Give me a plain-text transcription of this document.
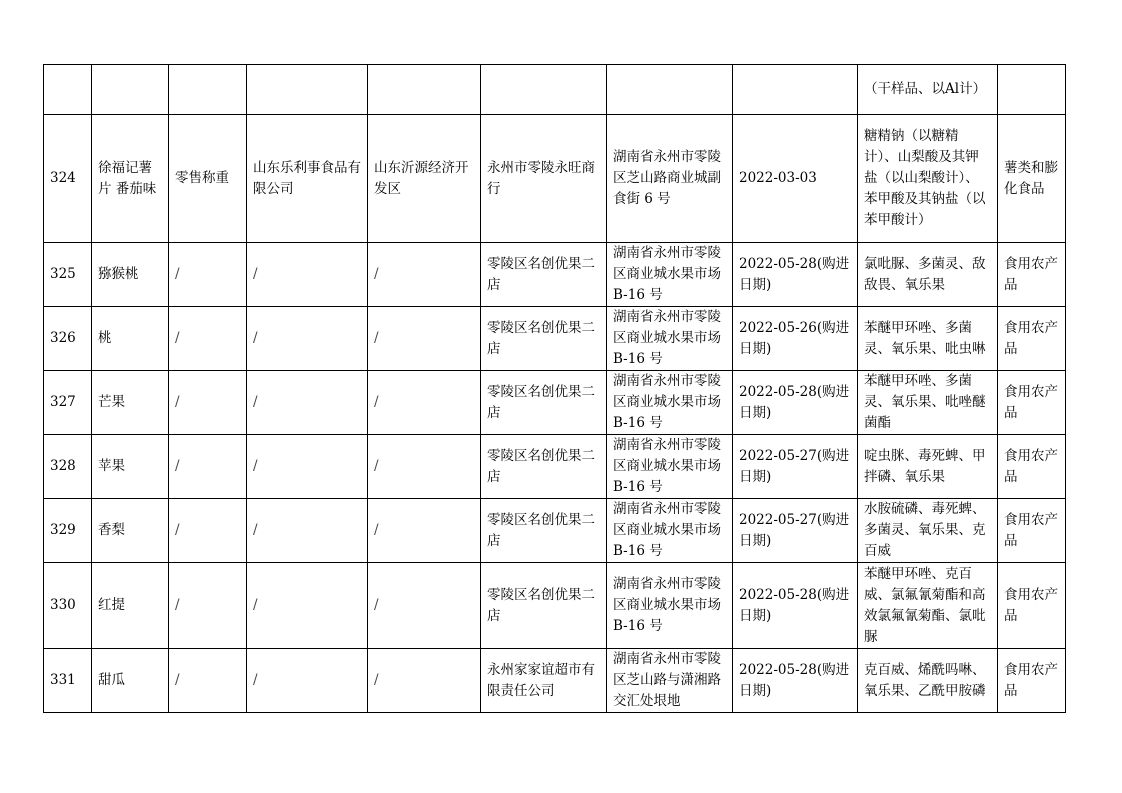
								（干样品、以Al计）	
324	徐福记薯片 番茄味	零售称重	山东乐利事食品有限公司	山东沂源经济开发区	永州市零陵永旺商行	湖南省永州市零陵区芝山路商业城副食街 6 号	2022-03-03	糖精钠（以糖精计）、山梨酸及其钾盐（以山梨酸计）、苯甲酸及其钠盐（以苯甲酸计）	薯类和膨化食品
325	猕猴桃	/	/	/	零陵区名创优果二店	湖南省永州市零陵区商业城水果市场 B-16 号	2022-05-28(购进日期)	氯吡脲、多菌灵、敌敌畏、氧乐果	食用农产品
326	桃	/	/	/	零陵区名创优果二店	湖南省永州市零陵区商业城水果市场 B-16 号	2022-05-26(购进日期)	苯醚甲环唑、多菌灵、氧乐果、吡虫啉	食用农产品
327	芒果	/	/	/	零陵区名创优果二店	湖南省永州市零陵区商业城水果市场 B-16 号	2022-05-28(购进日期)	苯醚甲环唑、多菌灵、氧乐果、吡唑醚菌酯	食用农产品
328	苹果	/	/	/	零陵区名创优果二店	湖南省永州市零陵区商业城水果市场 B-16 号	2022-05-27(购进日期)	啶虫脒、毒死蜱、甲拌磷、氧乐果	食用农产品
329	香梨	/	/	/	零陵区名创优果二店	湖南省永州市零陵区商业城水果市场 B-16 号	2022-05-27(购进日期)	水胺硫磷、毒死蜱、多菌灵、氧乐果、克百威	食用农产品
330	红提	/	/	/	零陵区名创优果二店	湖南省永州市零陵区商业城水果市场 B-16 号	2022-05-28(购进日期)	苯醚甲环唑、克百威、氯氟氰菊酯和高效氯氟氰菊酯、氯吡脲	食用农产品
331	甜瓜	/	/	/	永州家家谊超市有限责任公司	湖南省永州市零陵区芝山路与潇湘路交汇处垠地	2022-05-28(购进日期)	克百威、烯酰吗啉、氧乐果、乙酰甲胺磷	食用农产品
